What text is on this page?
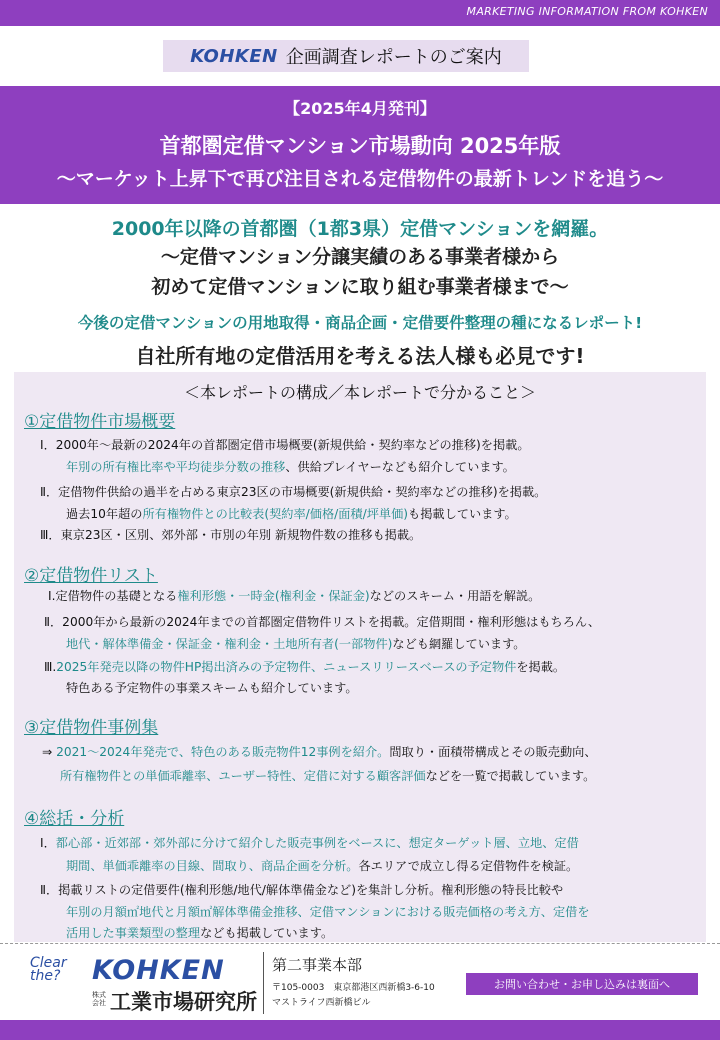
MARKETING INFORMATION FROM KOHKEN
KOHKEN 企画調査レポートのご案内
【2025年4月発刊】
首都圏定借マンション市場動向 2025年版
～マーケット上昇下で再び注目される定借物件の最新トレンドを追う～
2000年以降の首都圏（1都3県）定借マンションを網羅。
～定借マンション分譲実績のある事業者様から
初めて定借マンションに取り組む事業者様まで～
今後の定借マンションの用地取得・商品企画・定借要件整理の種になるレポート!
自社所有地の定借活用を考える法人様も必見です!
＜本レポートの構成／本レポートで分かること＞
①定借物件市場概要
Ⅰ．2000年～最新の2024年の首都圏定借市場概要(新規供給・契約率などの推移)を掲載。
年別の所有権比率や平均徒歩分数の推移、供給プレイヤーなども紹介しています。
Ⅱ．定借物件供給の過半を占める東京23区の市場概要(新規供給・契約率などの推移)を掲載。
過去10年超の所有権物件との比較表(契約率/価格/面積/坪単価)も掲載しています。
Ⅲ．東京23区・区別、郊外部・市別の年別 新規物件数の推移も掲載。
②定借物件リスト
Ⅰ.定借物件の基礎となる権利形態・一時金(権利金・保証金)などのスキーム・用語を解説。
Ⅱ．2000年から最新の2024年までの首都圏定借物件リストを掲載。定借期間・権利形態はもちろん、
地代・解体準備金・保証金・権利金・土地所有者(一部物件)なども網羅しています。
Ⅲ.2025年発売以降の物件HP掲出済みの予定物件、ニュースリリースベースの予定物件を掲載。
特色ある予定物件の事業スキームも紹介しています。
③定借物件事例集
⇒ 2021～2024年発売で、特色のある販売物件12事例を紹介。間取り・面積帯構成とその販売動向、
所有権物件との単価乖離率、ユーザー特性、定借に対する顧客評価などを一覧で掲載しています。
④総括・分析
Ⅰ．都心部・近郊部・郊外部に分けて紹介した販売事例をベースに、想定ターゲット層、立地、定借
期間、単価乖離率の目線、間取り、商品企画を分析。各エリアで成立し得る定借物件を検証。
Ⅱ．掲載リストの定借要件(権利形態/地代/解体準備金など)を集計し分析。権利形態の特長比較や
年別の月額㎡地代と月額㎡解体準備金推移、定借マンションにおける販売価格の考え方、定借を
活用した事業類型の整理なども掲載しています。
Clear the?	KOHKEN
株式会社 工業市場研究所
第二事業本部
〒105-0003　東京都港区西新橋3-6-10
マストライフ西新橋ビル
お問い合わせ・お申し込みは裏面へ
